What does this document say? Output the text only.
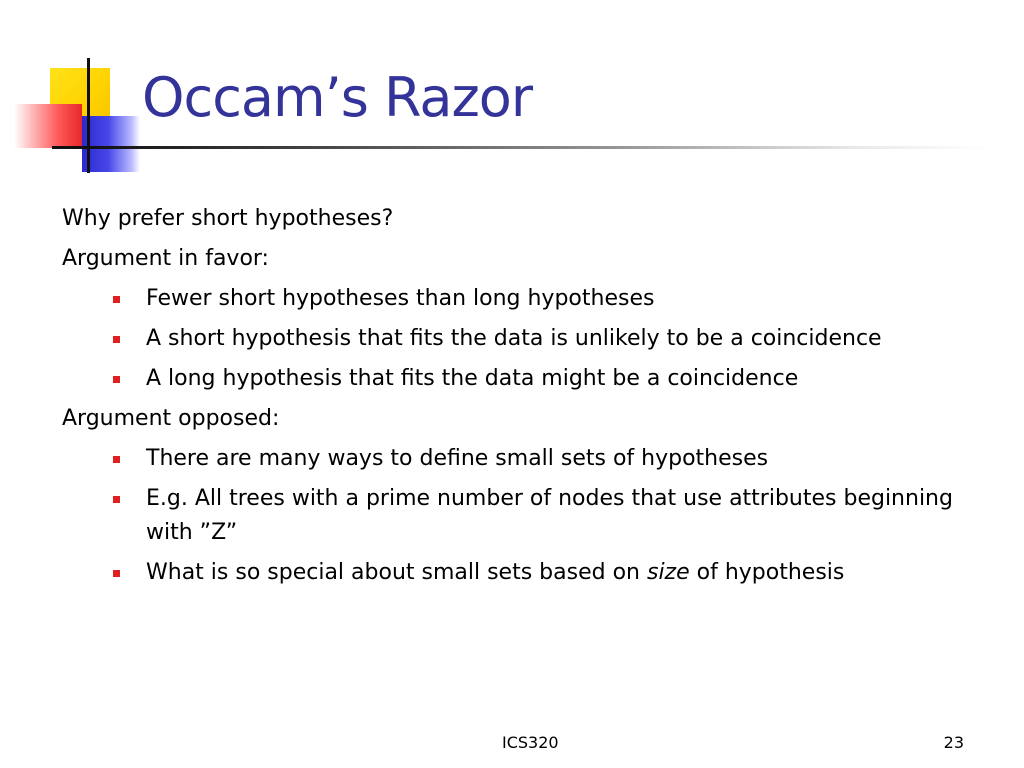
Occam’s Razor

Why prefer short hypotheses?

Argument in favor:

Fewer short hypotheses than long hypotheses

A short hypothesis that fits the data is unlikely to be a coincidence

A long hypothesis that fits the data might be a coincidence

Argument opposed:

There are many ways to define small sets of hypotheses

E.g. All trees with a prime number of nodes that use attributes beginning with ”Z”

What is so special about small sets based on size of hypothesis

ICS320	23
